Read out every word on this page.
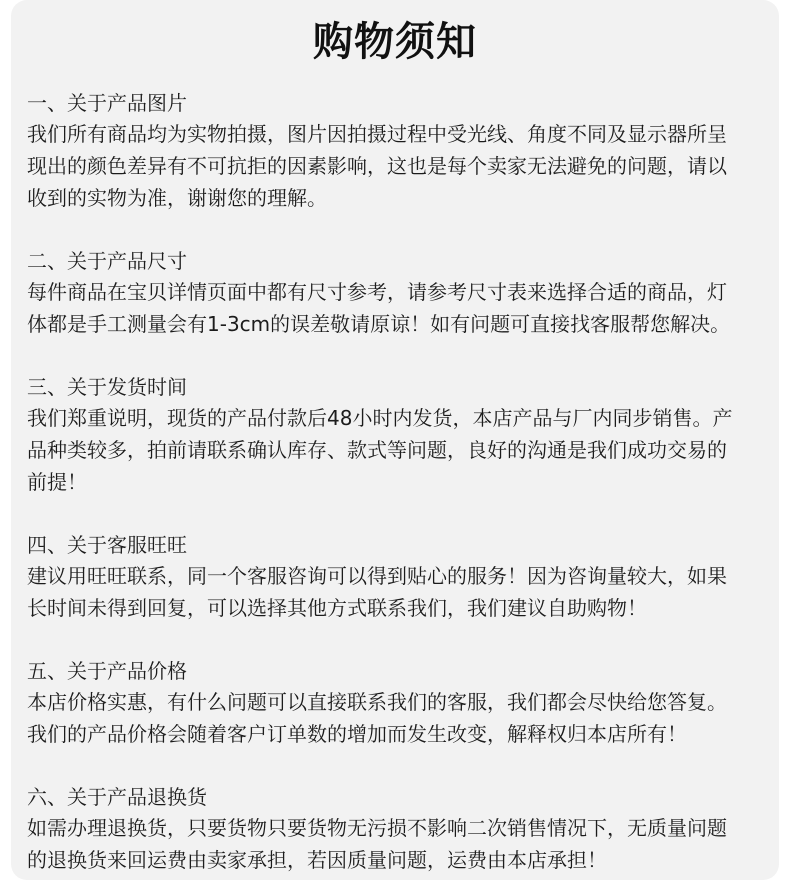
购物须知
一、关于产品图片
我们所有商品均为实物拍摄，图片因拍摄过程中受光线、角度不同及显示器所呈
现出的颜色差异有不可抗拒的因素影响，这也是每个卖家无法避免的问题，请以
收到的实物为准，谢谢您的理解。
二、关于产品尺寸
每件商品在宝贝详情页面中都有尺寸参考，请参考尺寸表来选择合适的商品，灯
体都是手工测量会有1-3cm的误差敬请原谅！如有问题可直接找客服帮您解决。
三、关于发货时间
我们郑重说明，现货的产品付款后48小时内发货，本店产品与厂内同步销售。产
品种类较多，拍前请联系确认库存、款式等问题，良好的沟通是我们成功交易的
前提！
四、关于客服旺旺
建议用旺旺联系，同一个客服咨询可以得到贴心的服务！因为咨询量较大，如果
长时间未得到回复，可以选择其他方式联系我们，我们建议自助购物！
五、关于产品价格
本店价格实惠，有什么问题可以直接联系我们的客服，我们都会尽快给您答复。
我们的产品价格会随着客户订单数的增加而发生改变，解释权归本店所有！
六、关于产品退换货
如需办理退换货，只要货物只要货物无污损不影响二次销售情况下，无质量问题
的退换货来回运费由卖家承担，若因质量问题，运费由本店承担！
